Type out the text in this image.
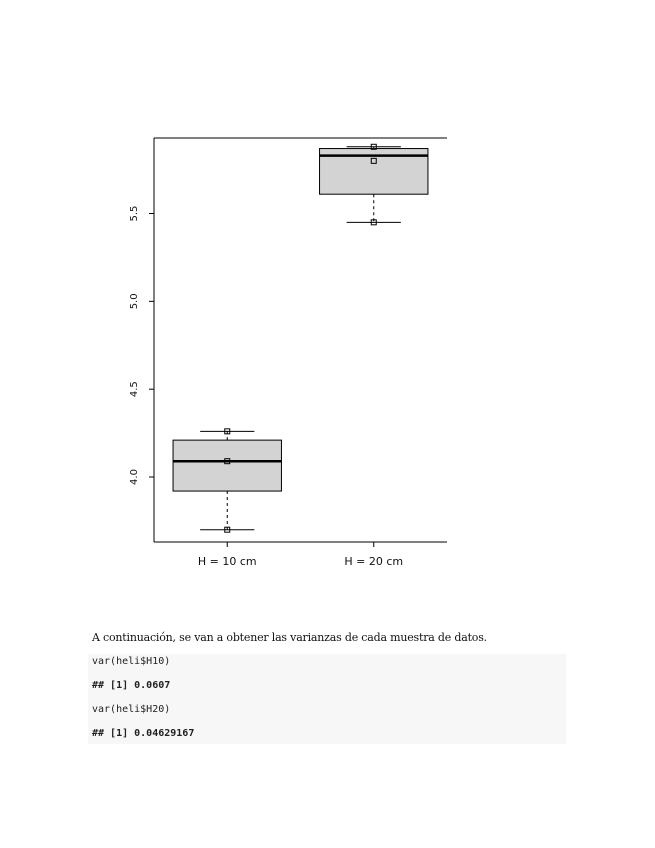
4.0
4.5
5.0
5.5
H = 10 cm	H = 20 cm
A continuación, se van a obtener las varianzas de cada muestra de datos.
var(heli$H10)
## [1] 0.0607
var(heli$H20)
## [1] 0.04629167
